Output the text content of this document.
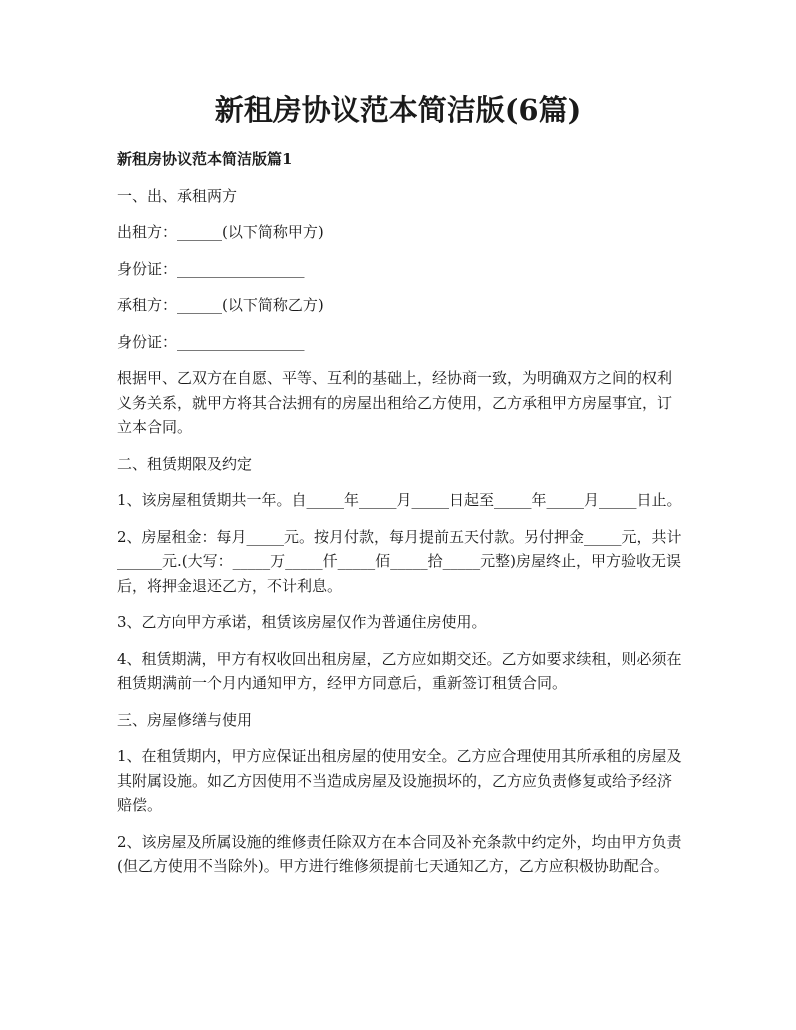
新租房协议范本简洁版(6篇)

新租房协议范本简洁版篇1

一、出、承租两方

出租方：______(以下简称甲方)

身份证：_________________

承租方：______(以下简称乙方)

身份证：_________________

根据甲、乙双方在自愿、平等、互利的基础上，经协商一致，为明确双方之间的权利义务关系，就甲方将其合法拥有的房屋出租给乙方使用，乙方承租甲方房屋事宜，订立本合同。

二、租赁期限及约定

1、该房屋租赁期共一年。自_____年_____月_____日起至_____年_____月_____日止。

2、房屋租金：每月_____元。按月付款，每月提前五天付款。另付押金_____元，共计______元.(大写：_____万_____仟_____佰_____拾_____元整)房屋终止，甲方验收无误后，将押金退还乙方，不计利息。

3、乙方向甲方承诺，租赁该房屋仅作为普通住房使用。

4、租赁期满，甲方有权收回出租房屋，乙方应如期交还。乙方如要求续租，则必须在租赁期满前一个月内通知甲方，经甲方同意后，重新签订租赁合同。

三、房屋修缮与使用

1、在租赁期内，甲方应保证出租房屋的使用安全。乙方应合理使用其所承租的房屋及其附属设施。如乙方因使用不当造成房屋及设施损坏的，乙方应负责修复或给予经济赔偿。

2、该房屋及所属设施的维修责任除双方在本合同及补充条款中约定外，均由甲方负责(但乙方使用不当除外)。甲方进行维修须提前七天通知乙方，乙方应积极协助配合。
